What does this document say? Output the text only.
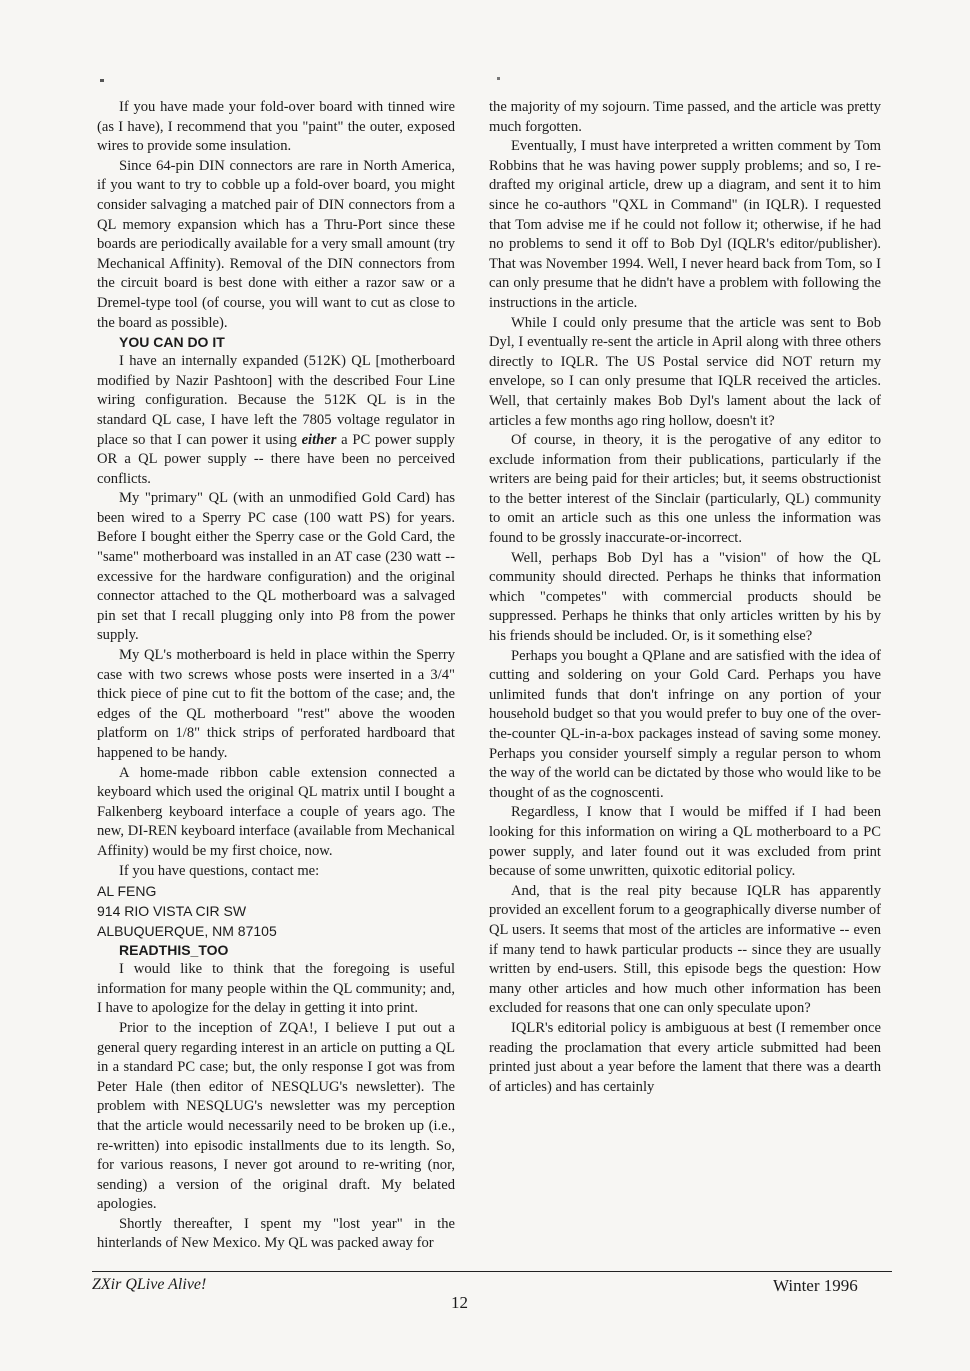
If you have made your fold-over board with tinned wire (as I have), I recommend that you "paint" the outer, exposed wires to provide some insulation.

Since 64-pin DIN connectors are rare in North America, if you want to try to cobble up a fold-over board, you might consider salvaging a matched pair of DIN connectors from a QL memory expansion which has a Thru-Port since these boards are periodically available for a very small amount (try Mechanical Affinity). Removal of the DIN connectors from the circuit board is best done with either a razor saw or a Dremel-type tool (of course, you will want to cut as close to the board as possible).

YOU CAN DO IT

I have an internally expanded (512K) QL [motherboard modified by Nazir Pashtoon] with the described Four Line wiring configuration. Because the 512K QL is in the standard QL case, I have left the 7805 voltage regulator in place so that I can power it using either a PC power supply OR a QL power supply -- there have been no perceived conflicts.

My "primary" QL (with an unmodified Gold Card) has been wired to a Sperry PC case (100 watt PS) for years. Before I bought either the Sperry case or the Gold Card, the "same" motherboard was installed in an AT case (230 watt -- excessive for the hardware configuration) and the original connector attached to the QL motherboard was a salvaged pin set that I recall plugging only into P8 from the power supply.

My QL's motherboard is held in place within the Sperry case with two screws whose posts were inserted in a 3/4" thick piece of pine cut to fit the bottom of the case; and, the edges of the QL motherboard "rest" above the wooden platform on 1/8" thick strips of perforated hardboard that happened to be handy.

A home-made ribbon cable extension connected a keyboard which used the original QL matrix until I bought a Falkenberg keyboard interface a couple of years ago. The new, DI-REN keyboard interface (available from Mechanical Affinity) would be my first choice, now.

If you have questions, contact me:

AL FENG
914 RIO VISTA CIR SW
ALBUQUERQUE, NM 87105

READTHIS_TOO

I would like to think that the foregoing is useful information for many people within the QL community; and, I have to apologize for the delay in getting it into print.

Prior to the inception of ZQA!, I believe I put out a general query regarding interest in an article on putting a QL in a standard PC case; but, the only response I got was from Peter Hale (then editor of NESQLUG's newsletter). The problem with NESQLUG's newsletter was my perception that the article would necessarily need to be broken up (i.e., re-written) into episodic installments due to its length. So, for various reasons, I never got around to re-writing (nor, sending) a version of the original draft. My belated apologies.

Shortly thereafter, I spent my "lost year" in the hinterlands of New Mexico. My QL was packed away for

the majority of my sojourn. Time passed, and the article was pretty much forgotten.

Eventually, I must have interpreted a written comment by Tom Robbins that he was having power supply problems; and so, I re-drafted my original article, drew up a diagram, and sent it to him since he co-authors "QXL in Command" (in IQLR). I requested that Tom advise me if he could not follow it; otherwise, if he had no problems to send it off to Bob Dyl (IQLR's editor/publisher). That was November 1994. Well, I never heard back from Tom, so I can only presume that he didn't have a problem with following the instructions in the article.

While I could only presume that the article was sent to Bob Dyl, I eventually re-sent the article in April along with three others directly to IQLR. The US Postal service did NOT return my envelope, so I can only presume that IQLR received the articles. Well, that certainly makes Bob Dyl's lament about the lack of articles a few months ago ring hollow, doesn't it?

Of course, in theory, it is the perogative of any editor to exclude information from their publications, particularly if the writers are being paid for their articles; but, it seems obstructionist to the better interest of the Sinclair (particularly, QL) community to omit an article such as this one unless the information was found to be grossly inaccurate-or-incorrect.

Well, perhaps Bob Dyl has a "vision" of how the QL community should directed. Perhaps he thinks that information which "competes" with commercial products should be suppressed. Perhaps he thinks that only articles written by his by his friends should be included. Or, is it something else?

Perhaps you bought a QPlane and are satisfied with the idea of cutting and soldering on your Gold Card. Perhaps you have unlimited funds that don't infringe on any portion of your household budget so that you would prefer to buy one of the over-the-counter QL-in-a-box packages instead of saving some money. Perhaps you consider yourself simply a regular person to whom the way of the world can be dictated by those who would like to be thought of as the cognoscenti.

Regardless, I know that I would be miffed if I had been looking for this information on wiring a QL motherboard to a PC power supply, and later found out it was excluded from print because of some unwritten, quixotic editorial policy.

And, that is the real pity because IQLR has apparently provided an excellent forum to a geographically diverse number of QL users. It seems that most of the articles are informative -- even if many tend to hawk particular products -- since they are usually written by end-users. Still, this episode begs the question: How many other articles and how much other information has been excluded for reasons that one can only speculate upon?

IQLR's editorial policy is ambiguous at best (I remember once reading the proclamation that every article submitted had been printed just about a year before the lament that there was a dearth of articles) and has certainly

ZXir QLive Alive!	Winter 1996
12
